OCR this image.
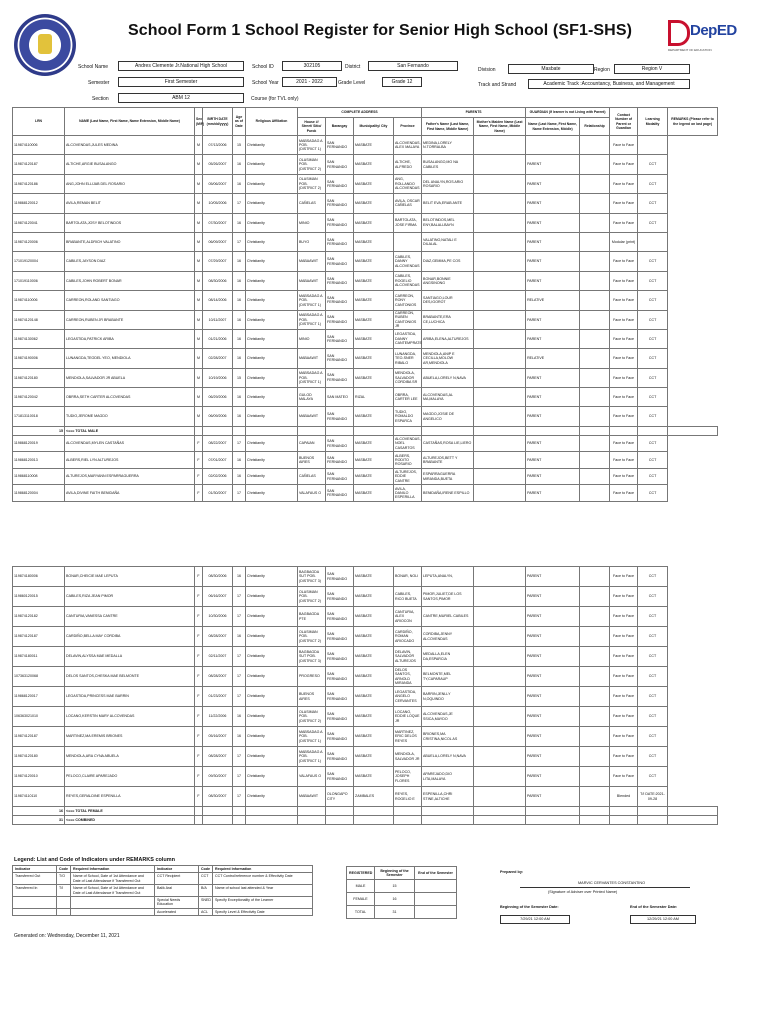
School Form 1 School Register for Senior High School (SF1-SHS)	DepED
DEPARTMENT OF EDUCATION
School Name	Andres Clemente Jr.National High School	School ID	302105	District	San Fernando
Division	Masbate	Region	Region V
Semester	First Semester	School Year	2021 - 2022	Grade Level	Grade 12	Track and Strand	Academic Track :Accountancy, Business, and Management
Section	ABM 12	Course (for TVL only)
LRN	NAME (Last Name, First Name, Name Extension, Middle Name)	Sex (M/F)	BIRTH DATE (mm/dd/yyyy)	Age as of Date	Religious Affiliation	COMPLETE ADDRESS				PARENTS		GUARDIAN (If learner is not Living with Parent)		Contact Number of Parent or Guardian	Learning Modality	REMARKS (Please refer to the legend on last page)
						House #/ Street/ Sitio/ Purok	Barangay	Municipality/ City	Province	Father's Name (Last Name, First Name, Middle Name)	Mother's Maiden Name (Last Name, First Name, Middle Name)	Name (Last Name, First Name, Name Extension, Middle)	Relationship			
119874110006	ALCOVENDAS,JULES MEDINA	M	07/13/2006	15	Christianity	MABSADAG A POB. (DISTRICT 1)	SAN FERNANDO	MASBATE	ALCOVENDAS, ALEX MALAYA	MEDINA,LORELY N.TORRALBA				Face to Face		
119874120187	ALTICHE,ARGIE BUSALANGO	M	05/26/2007	16	Christianity	OLASIMAN POB. (DISTRICT 2)	SAN FERNANDO	MASBATE	ALTICHE, ALFREDO	BUSALANGO,MO NA CABILES		PARENT		Face to Face	CCT	
119874120186	ANG,JOHN ELLIJAB DEL ROSARIO	M	05/06/2007	16	Christianity	OLASIMAN POB. (DISTRICT 2)	SAN FERNANDO	MASBATE	ANG, ROLLANDO ALCOVENDAS	DEL ANALYN,ROS ARIO ROSARIO		PARENT		Face to Face	CCT	
119868120012	AVILA,REMAN BELIT	M	10/05/2006	17	Christianity	CAÑELAS	SAN FERNANDO	MASBATE	AVILA, OSCAR CAÑELAS	BELIT EVA,ERAB ANTE		PARENT		Face to Face	CCT	
119874120041	BARTOLATA,JOSY BELOTINDOS	M	07/30/2007	16	Christianity	MINIO	SAN FERNANDO	MASBATE	BARTOLATA, JOSE FIRMA	BELOTINDOS,MEL ENY,BALALLBAYN		PARENT		Face to Face	CCT	
119874120006	BRABANTE,ALDRICH VALATINO	M	06/09/2007	17	Christianity	BUYO	SAN FERNANDO	MASBATE		VALATINO,NATALI E DILALAL		PARENT		Modular (print)		
171019120004	CABILES,JAYSON DIAZ	M	07/29/2007	16	Christianity	MABAAWIT	SAN FERNANDO	MASBATE	CABILES, DANNY ALCOVENDAS	DIAZ,GEMMA,PE COS		PARENT		Face to Face	CCT	
171019110006	CABILES,JOHN ROBERT BONAR	M	08/30/2006	16	Christianity	MABAAWIT	SAN FERNANDO	MASBATE	CABILES, ROGELIO ALCOVENDAS	BONAR,BONNIE ANGSINONG		PARENT		Face to Face	CCT	
119874110006	CARREON,ROLAND SANTIAGO	M	08/14/2006	16	Christianity	MABSADAG A POB. (DISTRICT 1)	SAN FERNANDO	MASBATE	CARREON, RONY CANTONIOS	SANTIAGO,LOUR DES,IGOROT		RELATIVE		Face to Face	CCT	
119874120148	CARREON,RUBEN JR BRABANTE	M	10/11/2007	16	Christianity	MABSADAG A POB. (DISTRICT 1)	SAN FERNANDO	MASBATE	CARREON, RUBEN CANTONIOS JR	BRABANTE,ERA CE,LUCHICA		PARENT		Face to Face	CCT	
119874130062	LEGASTIDA,PATRICK ARIBA	M	01/21/2006	16	Christianity	MINIO	SAN FERNANDO	MASBATE	LEGASTIDA, DANNY CANTEMPRATE	ARIBA,ELENA,ALTUREJOS		PARENT		Face to Face	CCT	
119874190006	LUNANGDA,TEODEL YEO, MENDIOLA	M	02/28/2007	16	Christianity	MABAAWIT	SAN FERNANDO	MASBATE	LUNANGDA, TEO-SNER RIBALO	MENDIOLA,ANIP E CECILLA,MOLOW AR,MENDIOLA		RELATIVE		Face to Face	CCT	
119874120180	MENDIOLA,SALVADOR JR ABUELA	M	10/19/2006	15	Christianity	MABSADAG A POB. (DISTRICT 1)	SAN FERNANDO	MASBATE	MENDIOLA, SALVADOR CORDIBA SR	ABUELA,LORELY N,NAVA		PARENT		Face to Face	CCT	
119874120042	OBRRA,SETH CARTER ALCOVENDAS	M	06/29/2006	16	Christianity	GULOD MALAYA	SAN MATEO	RIZAL	OBRRA, CARTER LEE	ALCOVENDAS,AL MA,MALAYA		PARENT		Face to Face	CCT	
171813110018	TUDIO,JEROME MAGDO	M	06/09/2006	16	Christianity	MABAAWIT	SAN FERNANDO	MASBATE	TUDIO, ROMALDO ESPARCA	MAGDO,JOSIE DE ANGELICO		PARENT		Face to Face	CCT	
15	<=== TOTAL MALE															
119868120019	ALCOVENDAS,MYLEN CASTAÑAS	F	08/22/2007	17	Christianity	CAPAIAN	SAN FERNANDO	MASBATE	ALCOVENDAS, NOEL CASARTOS	CASTAÑAS,ROSA LIE,LIERO		PARENT		Face to Face	CCT	
119868120013	ALBERS,RIEL LYN ALTUREJOS	F	07/01/2007	16	Christianity	BUENOS AIRES	SAN FERNANDO	MASBATE	ALBERS, RODITO ROSARIO	ALTUREJOS,BETT Y BRABANTE		PARENT		Face to Face	CCT	
119868110008	ALTUREJOS,MARYANN ESPARRAGUERRA	F	02/02/2006	16	Christianity	CAÑELAS	SAN FERNANDO	MASBATE	ALTUREJOS, EDDIE CANTRE	ESPARRAGUERRA MIRANDA,BUETA		PARENT		Face to Face	CCT	
119868120004	AVILA,DIVINE FAITH BENIDAÑA	F	01/30/2007	17	Christianity	VALAFAUS O	SAN FERNANDO	MASBATE	AVILA, DANILO ESPERILLA	BENIDAÑA,IRENE ESPILLO		PARENT		Face to Face	CCT	
119874180006	BONAR,CHEICIE MAE LEPUTA	F	08/30/2006	16	Christianity	BAGBAGDA SUT POB. (DISTRICT 3)	SAN FERNANDO	MASBATE	BONAR, NOLI	LEPUTA,ANALYN,		PARENT		Face to Face	CCT	
119860120015	CABILES,RIZA JEAN PIMOR	F	06/16/2007	17	Christianity	OLASIMAN POB. (DISTRICT 2)	SAN FERNANDO	MASBATE	CABILES, RICO BUETA	PIMOR,JULIET,DE LOS SANTOS,PIMOR		PARENT		Face to Face	CCT	
119874120182	CANTURIA,VANESSA CANTRE	F	10/30/2006	17	Christianity	BAGBAGDA PTE	SAN FERNANDO	MASBATE	CANTURIA, ALEX ARIOCON	CANTRE,MURIEL CABILES		PARENT		Face to Face	CCT	
119874120187	CARDIÑO,BELLA MAY CORDIBA	F	08/28/2007	16	Christianity	OLASIMAN POB. (DISTRICT 2)	SAN FERNANDO	MASBATE	CARDIÑO, ROMAN ARIOCADO	CORDIBA,JENNY ALCOVENDAS		PARENT		Face to Face	CCT	
119874180011	DELAVIN,ALYSSA MAE MEDALLA	F	02/11/2007	17	Christianity	BAGBAGDA SUT POB. (DISTRICT 3)	SAN FERNANDO	MASBATE	DELAVIN, SALVADOR ALTUREJOS	MEDALLA,ELEN DA,ESPARCIA		PARENT		Face to Face	CCT	
107363120068	DELOS SANTOS,CHESKA MAE BELMONTE	F	08/28/2007	17	Christianity	PROGRESO	SAN FERNANDO	MASBATE	DELOS SANTOS, ARNOLD MIRANDA	BELMONTE,MEL TY,CAPARAUP		PARENT		Face to Face	CCT	
119868120017	LEGASTIDA,PRINCESS MAE BARRIN	F	01/23/2007	17	Christianity	BUENOS AIRES	SAN FERNANDO	MASBATE	LEGASTIDA, ANGELO CERVANTES	BARRIN,JENLLY N,OQUINDO		PARENT		Face to Face	CCT	
106363021010	LOCANO,KERSTIN MARY ALCOVENDAS	F	11/22/2006	16	Christianity	OLASIMAN POB. (DISTRICT 2)	SAN FERNANDO	MASBATE	LOCANO, EDDIE LOQUE JR	ALCOVENDAS,JE SSICA,MAYDO		PARENT		Face to Face	CCT	
119874120187	MARTINEZ,MA EREMIS BRIONES	F	05/16/2007	16	Christianity	MABSADAG A POB. (DISTRICT 1)	SAN FERNANDO	MASBATE	MARTINEZ, ERIC DELOS REYES	BRIONES,MA CRISTINA,NICOL AS		PARENT		Face to Face	CCT	
119874120180	MENDIOLA,ARA CYNA ABUELA	F	08/28/2007	17	Christianity	MABSADAG A POB. (DISTRICT 1)	SAN FERNANDO	MASBATE	MENDIOLA, SALVADOR JR	ABUELA,LORELY N,NAVA		PARENT		Face to Face	CCT	
119874120010	PELOCO,CLAIRE APAREJADO	F	09/30/2007	17	Christianity	VALAFAUS O	SAN FERNANDO	MASBATE	PELOCO, JOSEPH FLORES	APAREJADO,DIO LITA,MALAYA		PARENT		Face to Face	CCT	
119874110110	REYES,GERALDINE ESPENILLA	F	08/30/2007	17	Christianity	MABAAWIT	OLONGAPO CITY	ZAMBALES	REYES, ROGELIO E	ESPENILLA,CHRI STINE,ALTICHE		PARENT		Blended	T/I DATE:2021-09-28	
16	<=== TOTAL FEMALE															
31	<=== COMBINED															
Legend: List and Code of Indicators under REMARKS column
Indicator	Code	Required Information	Indicator	Code	Required Information
Transferred Out	T/O	Name of School, Date of 1st Attendance and Date of Last Attendance if Transferred Out	CCT Recipient	CCT	CCT Control/reference number & Effectivity Date
Transferred In	T/I	Name of School, Date of 1st Attendance and Date of Last Attendance if Transferred Out	Balik Aral	B/A	Name of school last attended & Year
			Special Needs Education	SNED	Specify Exceptionality of the Learner
			Accelerated	ACL	Specify Level & Effectivity Date
REGISTERED	Beginning of the Semester	End of the Semester
MALE	15	
FEMALE	16	
TOTAL	31	
Prepared by:
MARVIC CERVANTES CONSTANTINO
(Signature of Adviser over Printed Name)
Beginning of the Semester Date:	End of the Semester Date:
7/29/21 12:00 AM	12/29/21 12:00 AM
Generated on: Wednesday, December 11, 2021
